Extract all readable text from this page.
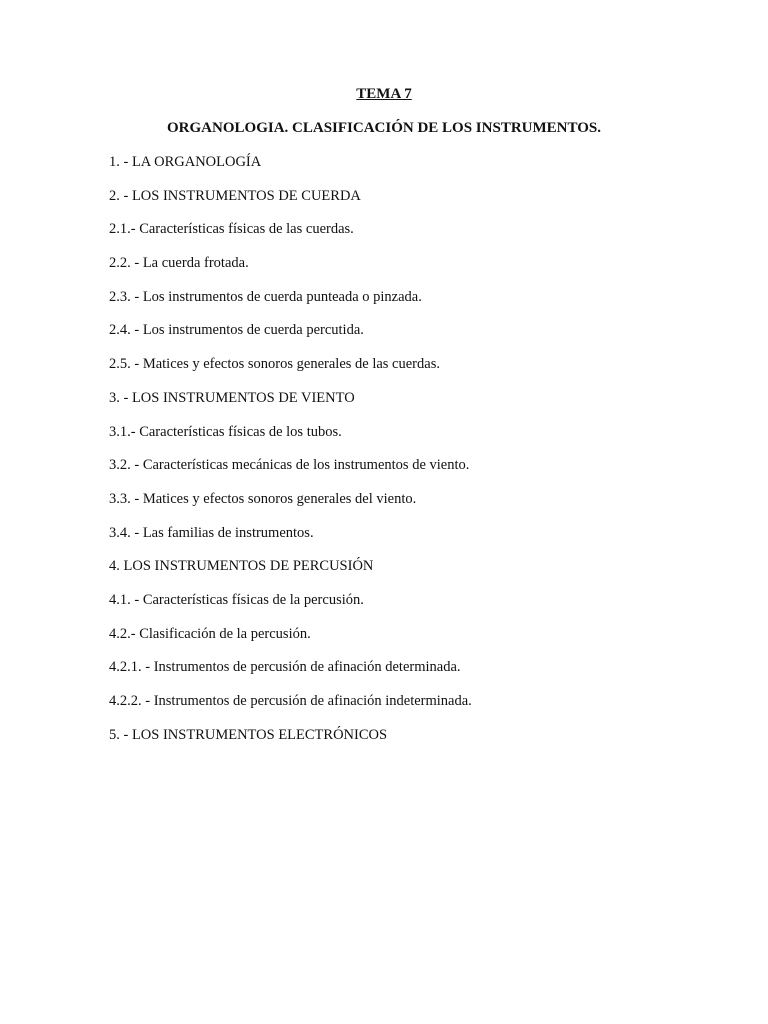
TEMA 7
ORGANOLOGIA. CLASIFICACIÓN DE LOS INSTRUMENTOS.
1. - LA ORGANOLOGÍA
2. - LOS INSTRUMENTOS DE CUERDA
2.1.- Características físicas de las cuerdas.
2.2. - La cuerda frotada.
2.3. - Los instrumentos de cuerda punteada o pinzada.
2.4. - Los instrumentos de cuerda percutida.
2.5. - Matices y efectos sonoros generales de las cuerdas.
3. - LOS INSTRUMENTOS DE VIENTO
3.1.- Características físicas de los tubos.
3.2. - Características mecánicas de los instrumentos de viento.
3.3. - Matices y efectos sonoros generales del viento.
3.4. - Las familias de instrumentos.
4. LOS INSTRUMENTOS DE PERCUSIÓN
4.1. - Características físicas de la percusión.
4.2.- Clasificación de la percusión.
4.2.1. - Instrumentos de percusión de afinación determinada.
4.2.2. - Instrumentos de percusión de afinación indeterminada.
5. - LOS INSTRUMENTOS ELECTRÓNICOS
